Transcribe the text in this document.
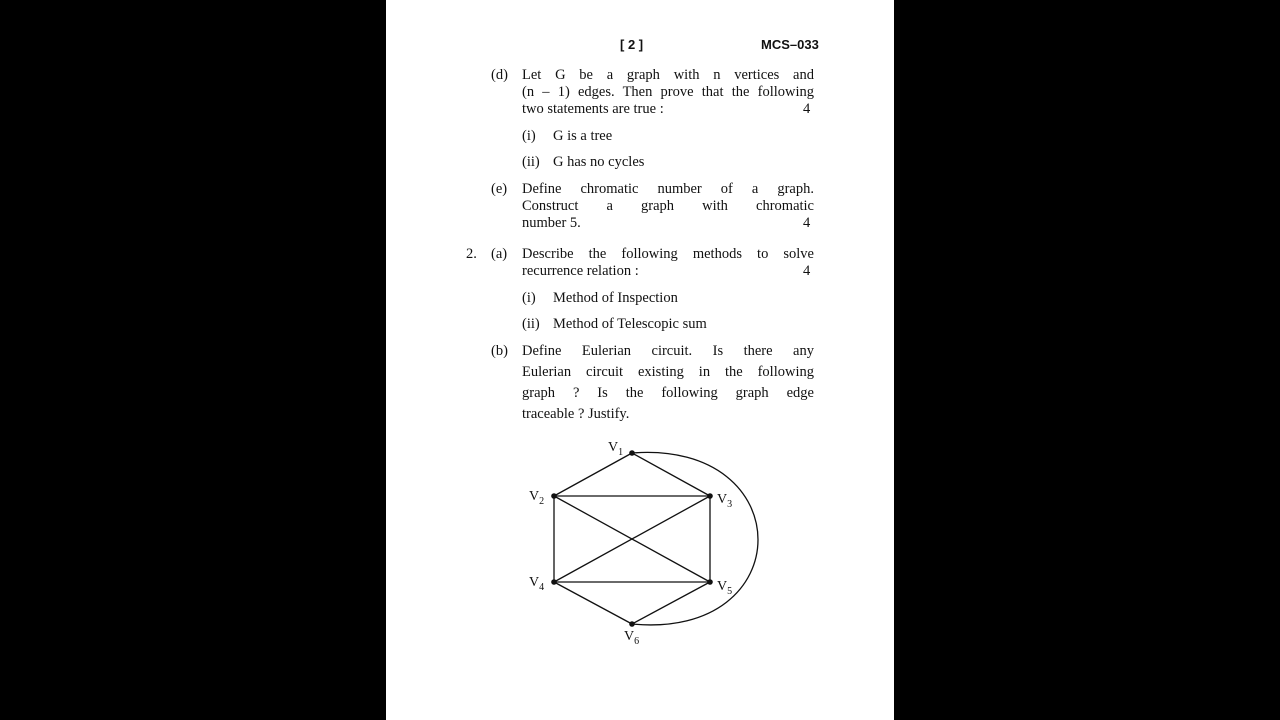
[ 2 ]	MCS–033
(d) Let G be a graph with n vertices and
(n – 1) edges. Then prove that the following
two statements are true :	4
(i) G is a tree
(ii) G has no cycles
(e) Define chromatic number of a graph.
Construct a graph with chromatic
number 5.	4
2. (a) Describe the following methods to solve
recurrence relation :	4
(i) Method of Inspection
(ii) Method of Telescopic sum
(b) Define Eulerian circuit. Is there any
Eulerian circuit existing in the following
graph ? Is the following graph edge
traceable ? Justify.
$V_1$
$V_2$	$V_3$
$V_4$	$V_5$
$V_6$
